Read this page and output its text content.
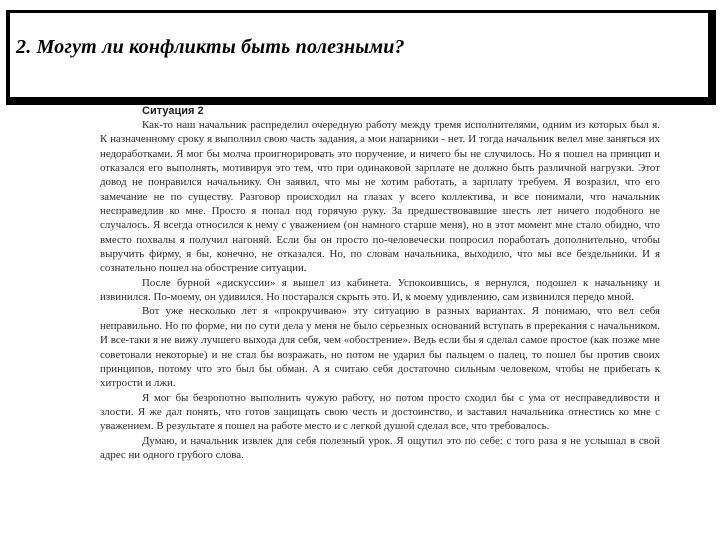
2. Могут ли конфликты быть полезными?
Ситуация 2

Как-то наш начальник распределил очередную работу между тремя исполнителями, одним из которых был я. К назначенному сроку я выполнил свою часть задания, а мои напарники - нет. И тогда начальник велел мне заняться их недоработками. Я мог бы молча проигнорировать это поручение, и ничего бы не случилось. Но я пошел на принцип и отказался его выполнять, мотивируя это тем, что при одинаковой зарплате не должно быть различной нагрузки. Этот довод не понравился начальнику. Он заявил, что мы не хотим работать, а зарплату требуем. Я возразил, что его замечание не по существу. Разговор происходил на глазах у всего коллектива, и все понимали, что начальник несправедлив ко мне. Просто я попал под горячую руку. За предшествовавшие шесть лет ничего подобного не случалось. Я всегда относился к нему с уважением (он намного старше меня), но в этот момент мне стало обидно, что вместо похвалы я получил нагоняй. Если бы он просто по-человечески попросил поработать дополнительно, чтобы выручить фирму, я бы, конечно, не отказался. Но, по словам начальника, выходило, что мы все бездельники. И я сознательно пошел на обострение ситуации.

После бурной «дискуссии» я вышел из кабинета. Успокоившись, я вернулся, подошел к начальнику и извинился. По-моему, он удивился. Но постарался скрыть это. И, к моему удивлению, сам извинился передо мной.

Вот уже несколько лет я «прокручиваю» эту ситуацию в разных вариантах. Я понимаю, что вел себя неправильно. Но по форме, ни по сути дела у меня не было серьезных оснований вступать в пререкания с начальником. И все-таки я не вижу лучшего выхода для себя, чем «обострение». Ведь если бы я сделал самое простое (как позже мне советовали некоторые) и не стал бы возражать, но потом не ударил бы пальцем о палец, то пошел бы против своих принципов, потому что это был бы обман. А я считаю себя достаточно сильным человеком, чтобы не прибегать к хитрости и лжи.

Я мог бы безропотно выполнить чужую работу, но потом просто сходил бы с ума от несправедливости и злости. Я же дал понять, что готов защищать свою честь и достоинство, и заставил начальника отнестись ко мне с уважением. В результате я пошел на работе место и с легкой душой сделал все, что требовалось.

Думаю, и начальник извлек для себя полезный урок. Я ощутил это по себе: с того раза я не услышал в свой адрес ни одного грубого слова.
